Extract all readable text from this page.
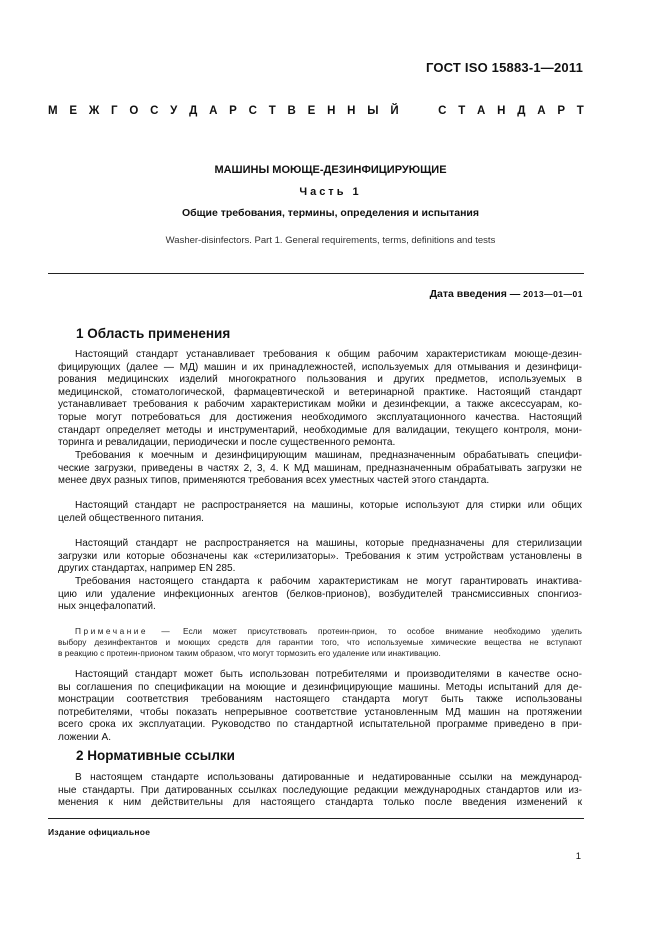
ГОСТ ISO 15883-1—2011
М Е Ж Г О С У Д А Р С Т В Е Н Н Ы Й	С Т А Н Д А Р Т
МАШИНЫ МОЮЩЕ-ДЕЗИНФИЦИРУЮЩИЕ
Часть 1
Общие требования, термины, определения и испытания
Washer-disinfectors. Part 1. General requirements, terms, definitions and tests
Дата введения — 2013—01—01
1 Область применения
Настоящий стандарт устанавливает требования к общим рабочим характеристикам моюще-дезин-
фицирующих (далее — МД) машин и их принадлежностей, используемых для отмывания и дезинфици-
рования медицинских изделий многократного пользования и других предметов, используемых в
медицинской, стоматологической, фармацевтической и ветеринарной практике. Настоящий стандарт
устанавливает требования к рабочим характеристикам мойки и дезинфекции, а также аксессуарам, ко-
торые могут потребоваться для достижения необходимого эксплуатационного качества. Настоящий
стандарт определяет методы и инструментарий, необходимые для валидации, текущего контроля, мони-
торинга и ревалидации, периодически и после существенного ремонта.
Требования к моечным и дезинфицирующим машинам, предназначенным обрабатывать специфи-
ческие загрузки, приведены в частях 2, 3, 4. К МД машинам, предназначенным обрабатывать загрузки не
менее двух разных типов, применяются требования всех уместных частей этого стандарта.
Настоящий стандарт не распространяется на машины, которые используют для стирки или общих
целей общественного питания.
Настоящий стандарт не распространяется на машины, которые предназначены для стерилизации
загрузки или которые обозначены как «стерилизаторы». Требования к этим устройствам установлены в
других стандартах, например EN 285.
Требования настоящего стандарта к рабочим характеристикам не могут гарантировать инактива-
цию или удаление инфекционных агентов (белков-прионов), возбудителей трансмиссивных спонгиоз-
ных энцефалопатий.
Примечание — Если может присутствовать протеин-прион, то особое внимание необходимо уделить
выбору дезинфектантов и моющих средств для гарантии того, что используемые химические вещества не вступают
в реакцию с протеин-прионом таким образом, что могут тормозить его удаление или инактивацию.
Настоящий стандарт может быть использован потребителями и производителями в качестве осно-
вы соглашения по спецификации на моющие и дезинфицирующие машины. Методы испытаний для де-
монстрации соответствия требованиям настоящего стандарта могут быть также использованы
потребителями, чтобы показать непрерывное соответствие установленным МД машин на протяжении
всего срока их эксплуатации. Руководство по стандартной испытательной программе приведено в при-
ложении А.
2 Нормативные ссылки
В настоящем стандарте использованы датированные и недатированные ссылки на международ-
ные стандарты. При датированных ссылках последующие редакции международных стандартов или из-
менения к ним действительны для настоящего стандарта только после введения изменений к
Издание официальное
1
